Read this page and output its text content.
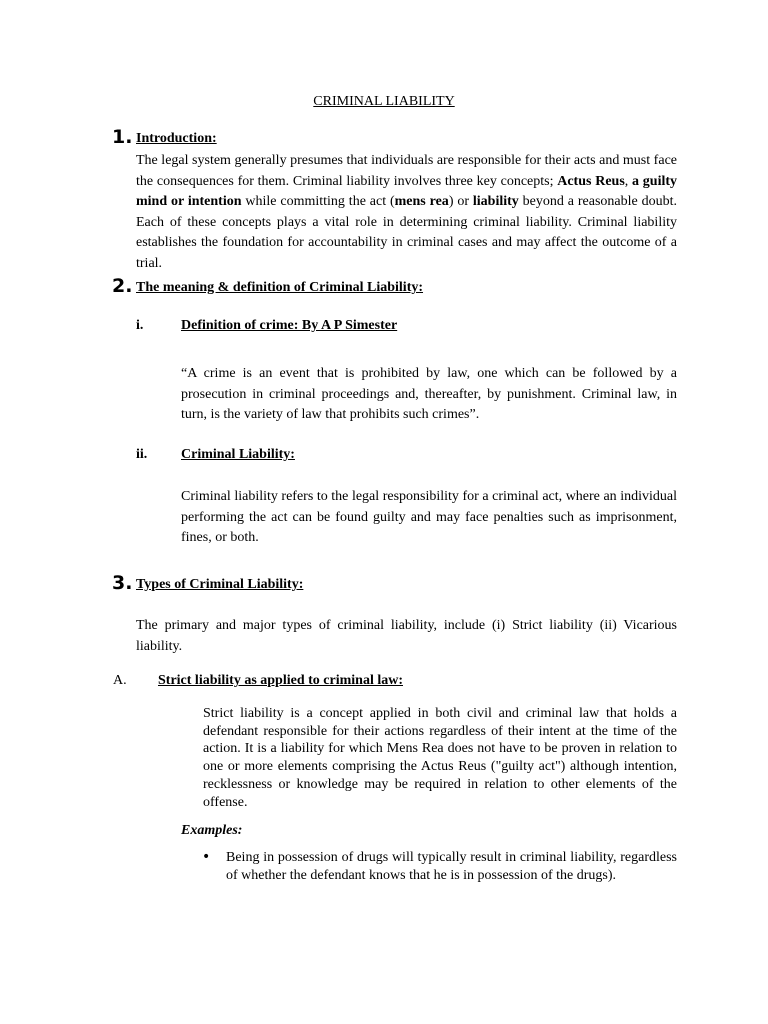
CRIMINAL LIABILITY
1. Introduction:
The legal system generally presumes that individuals are responsible for their acts and must face the consequences for them. Criminal liability involves three key concepts; Actus Reus, a guilty mind or intention while committing the act (mens rea) or liability beyond a reasonable doubt. Each of these concepts plays a vital role in determining criminal liability. Criminal liability establishes the foundation for accountability in criminal cases and may affect the outcome of a trial.
2. The meaning & definition of Criminal Liability:
i.	Definition of crime: By A P Simester
“A crime is an event that is prohibited by law, one which can be followed by a prosecution in criminal proceedings and, thereafter, by punishment. Criminal law, in turn, is the variety of law that prohibits such crimes”.
ii. Criminal Liability:
Criminal liability refers to the legal responsibility for a criminal act, where an individual performing the act can be found guilty and may face penalties such as imprisonment, fines, or both.
3. Types of Criminal Liability:
The primary and major types of criminal liability, include (i) Strict liability (ii) Vicarious liability.
A. Strict liability as applied to criminal law:
Strict liability is a concept applied in both civil and criminal law that holds a defendant responsible for their actions regardless of their intent at the time of the action. It is a liability for which Mens Rea does not have to be proven in relation to one or more elements comprising the Actus Reus ("guilty act") although intention, recklessness or knowledge may be required in relation to other elements of the offense.
Examples:
• Being in possession of drugs will typically result in criminal liability, regardless of whether the defendant knows that he is in possession of the drugs).
